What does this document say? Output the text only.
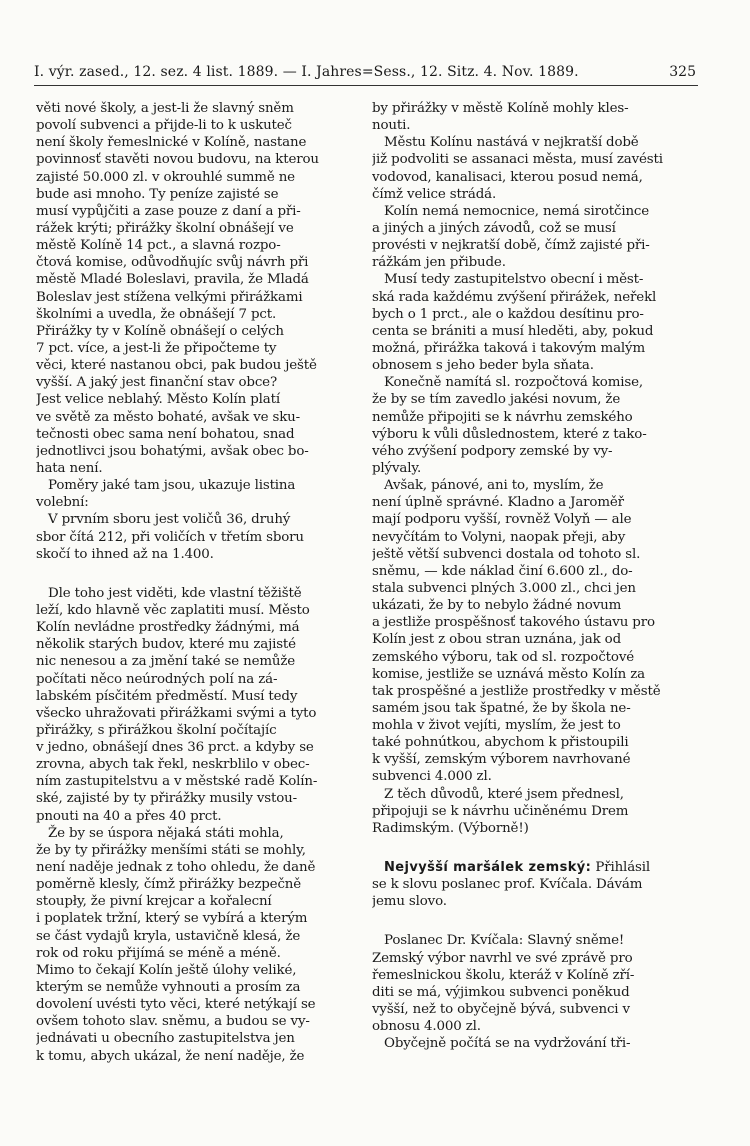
I. výr. zased., 12. sez. 4 list. 1889. — I. Jahres=Sess., 12. Sitz. 4. Nov. 1889.	325
věti nové školy, a jest-li že slavný sněm
povolí subvenci a přijde-li to k uskuteč
není školy řemeslnické v Kolíně, nastane
povinnosť stavěti novou budovu, na kterou
zajisté 50.000 zl. v okrouhlé summě ne
bude asi mnoho. Ty peníze zajisté se
musí vypůjčiti a zase pouze z daní a při-
rážek krýti; přirážky školní obnášejí ve
městě Kolíně 14 pct., a slavná rozpo-
čtová komise, odůvodňujíc svůj návrh při
městě Mladé Boleslavi, pravila, že Mladá
Boleslav jest stížena velkými přirážkami
školními a uvedla, že obnášejí 7 pct.
Přirážky ty v Kolíně obnášejí o celých
7 pct. více, a jest-li že připočteme ty
věci, které nastanou obci, pak budou ještě
vyšší. A jaký jest finanční stav obce?
Jest velice neblahý. Město Kolín platí
ve světě za město bohaté, avšak ve sku-
tečnosti obec sama není bohatou, snad
jednotlivci jsou bohatými, avšak obec bo-
hata není.
Poměry jaké tam jsou, ukazuje listina
volební:
V prvním sboru jest voličů 36, druhý
sbor čítá 212, při voličích v třetím sboru
skočí to ihned až na 1.400.
Dle toho jest viděti, kde vlastní těžiště
leží, kdo hlavně věc zaplatiti musí. Město
Kolín nevládne prostředky žádnými, má
několik starých budov, které mu zajisté
nic nenesou a za jmění také se nemůže
počítati něco neúrodných polí na zá-
labském písčitém předměstí. Musí tedy
všecko uhražovati přirážkami svými a tyto
přirážky, s přirážkou školní počítajíc
v jedno, obnášejí dnes 36 prct. a kdyby se
zrovna, abych tak řekl, neskrblilo v obec-
ním zastupitelstvu a v městské radě Kolín-
ské, zajisté by ty přirážky musily vstou-
pnouti na 40 a přes 40 prct.
Že by se úspora nějaká státi mohla,
že by ty přirážky menšími státi se mohly,
není naděje jednak z toho ohledu, že daně
poměrně klesly, čímž přirážky bezpečně
stoupły, že pivní krejcar a kořalecní
i poplatek tržní, který se vybírá a kterým
se část vydajů kryla, ustavičně klesá, že
rok od roku přijímá se méně a méně.
Mimo to čekají Kolín ještě úlohy veliké,
kterým se nemůže vyhnouti a prosím za
dovolení uvésti tyto věci, které netýkají se
ovšem tohoto slav. sněmu, a budou se vy-
jednávati u obecního zastupitelstva jen
k tomu, abych ukázal, že není naděje, že
by přirážky v městě Kolíně mohly kles-
nouti.
Městu Kolínu nastává v nejkratší době
již podvoliti se assanaci města, musí zavésti
vodovod, kanalisaci, kterou posud nemá,
čímž velice strádá.
Kolín nemá nemocnice, nemá sirotčince
a jiných a jiných závodů, což se musí
provésti v nejkratší době, čímž zajisté při-
rážkám jen přibude.
Musí tedy zastupitelstvo obecní i měst-
ská rada každému zvýšení přirážek, neřekl
bych o 1 prct., ale o každou desítinu pro-
centa se brániti a musí hleděti, aby, pokud
možná, přirážka taková i takovým malým
obnosem s jeho beder byla sňata.
Konečně namítá sl. rozpočtová komise,
že by se tím zavedlo jakési novum, že
nemůže připojiti se k návrhu zemského
výboru k vůli důslednostem, které z tako-
vého zvýšení podpory zemské by vy-
plývaly.
Avšak, pánové, ani to, myslím, že
není úplně správné. Kladno a Jaroměř
mají podporu vyšší, rovněž Volyň — ale
nevyčítám to Volyni, naopak přeji, aby
ještě větší subvenci dostala od tohoto sl.
sněmu, — kde náklad činí 6.600 zl., do-
stala subvenci plných 3.000 zl., chci jen
ukázati, že by to nebylo žádné novum
a jestliže prospěšnosť takového ústavu pro
Kolín jest z obou stran uznána, jak od
zemského výboru, tak od sl. rozpočtové
komise, jestliže se uznává město Kolín za
tak prospěšné a jestliže prostředky v městě
samém jsou tak špatné, že by škola ne-
mohla v život vejíti, myslím, že jest to
také pohnútkou, abychom k přistoupili
k vyšší, zemským výborem navrhované
subvenci 4.000 zl.
Z těch důvodů, které jsem přednesl,
připojuji se k návrhu učiněnému Drem
Radimským. (Výborně!)
Nejvyšší maršálek zemský: Přihlásil
se k slovu poslanec prof. Kvíčala. Dávám
jemu slovo.
Poslanec Dr. Kvíčala: Slavný sněme!
Zemský výbor navrhl ve své zprávě pro
řemeslnickou školu, kteráž v Kolíně zří-
diti se má, výjimkou subvenci poněkud
vyšší, než to obyčejně bývá, subvenci v
obnosu 4.000 zl.
Obyčejně počítá se na vydržování tři-
